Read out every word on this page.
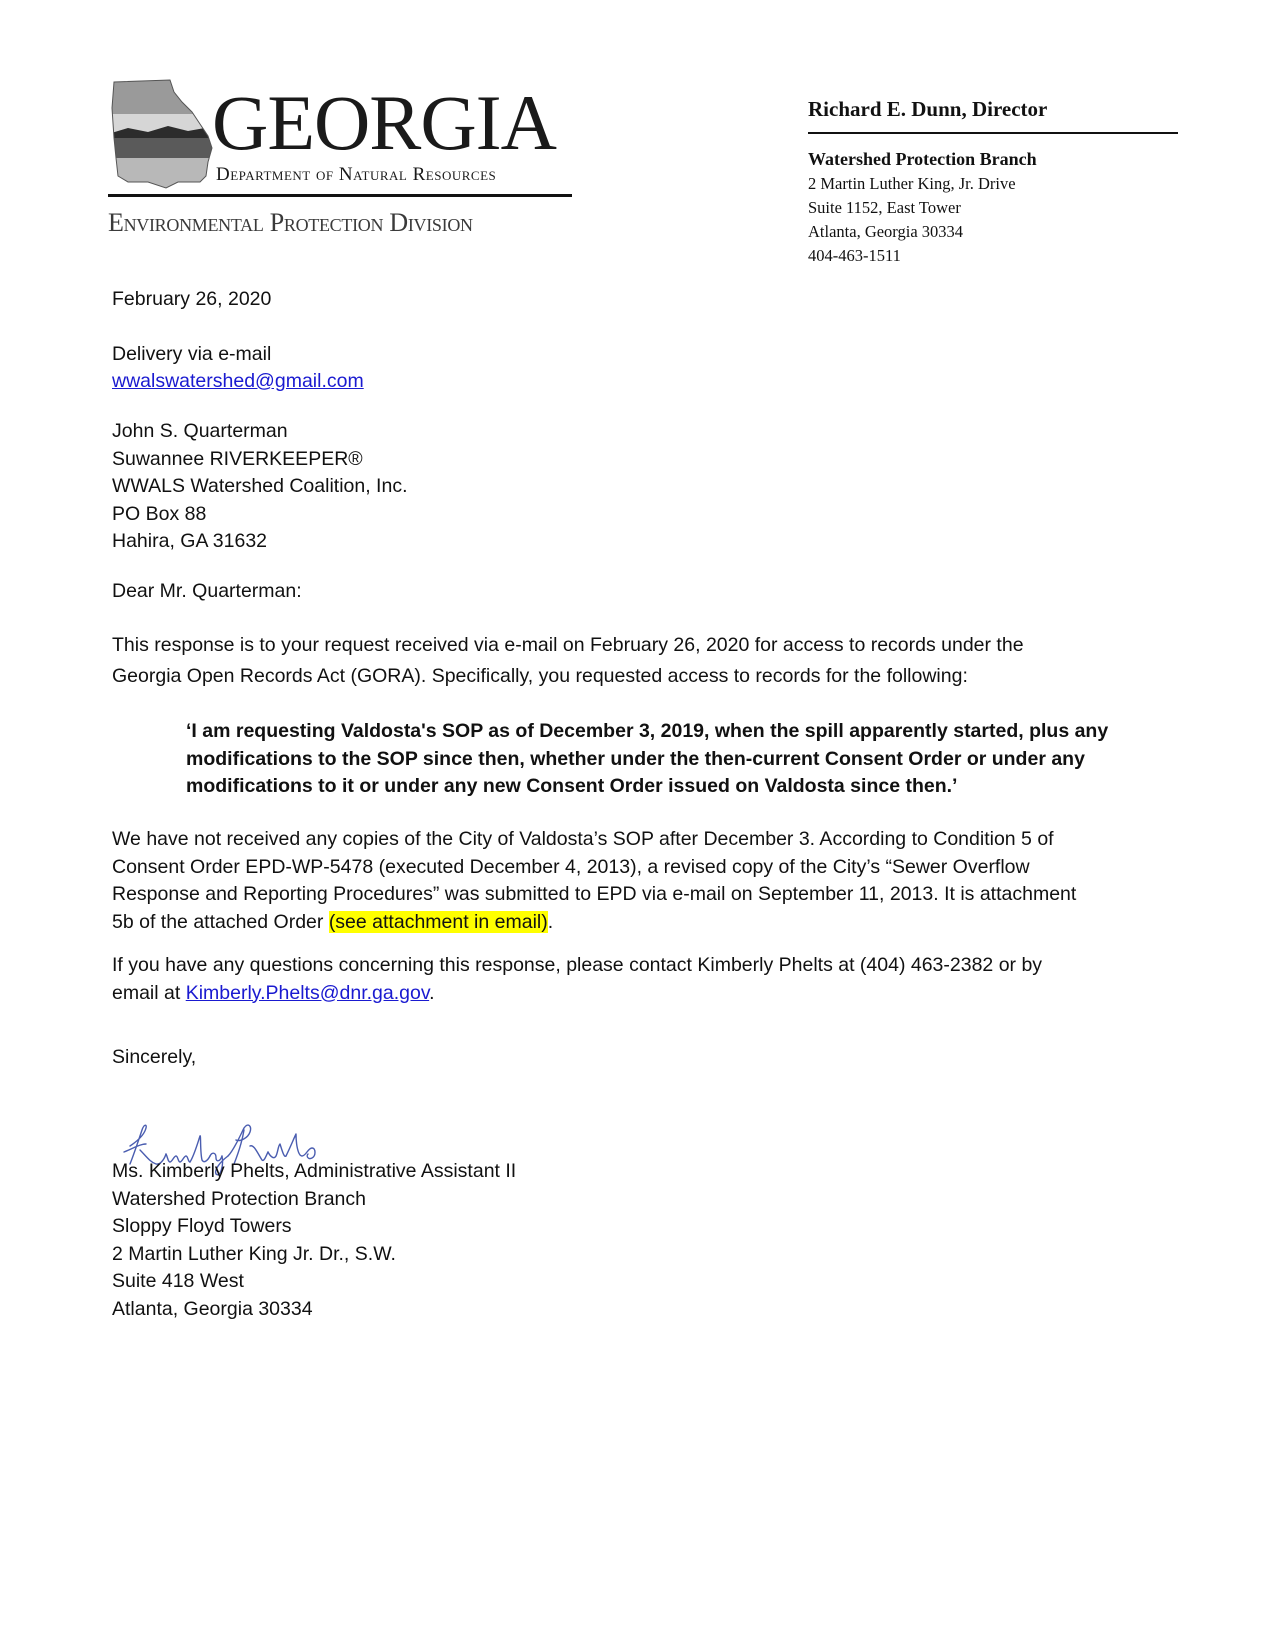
GEORGIA
Department of Natural Resources
Environmental Protection Division
Richard E. Dunn, Director
Watershed Protection Branch
2 Martin Luther King, Jr. Drive
Suite 1152, East Tower
Atlanta, Georgia 30334
404-463-1511
February 26, 2020
Delivery via e-mail
wwalswatershed@gmail.com
John S. Quarterman
Suwannee RIVERKEEPER®
WWALS Watershed Coalition, Inc.
PO Box 88
Hahira, GA 31632
Dear Mr. Quarterman:
This response is to your request received via e-mail on February 26, 2020 for access to records under the
Georgia Open Records Act (GORA). Specifically, you requested access to records for the following:
‘I am requesting Valdosta's SOP as of December 3, 2019, when the spill apparently started, plus any
modifications to the SOP since then, whether under the then-current Consent Order or under any
modifications to it or under any new Consent Order issued on Valdosta since then.’
We have not received any copies of the City of Valdosta’s SOP after December 3. According to Condition 5 of
Consent Order EPD-WP-5478 (executed December 4, 2013), a revised copy of the City’s “Sewer Overflow
Response and Reporting Procedures” was submitted to EPD via e-mail on September 11, 2013. It is attachment
5b of the attached Order (see attachment in email).
If you have any questions concerning this response, please contact Kimberly Phelts at (404) 463-2382 or by
email at Kimberly.Phelts@dnr.ga.gov.
Sincerely,
Ms. Kimberly Phelts, Administrative Assistant II
Watershed Protection Branch
Sloppy Floyd Towers
2 Martin Luther King Jr. Dr., S.W.
Suite 418 West
Atlanta, Georgia 30334
